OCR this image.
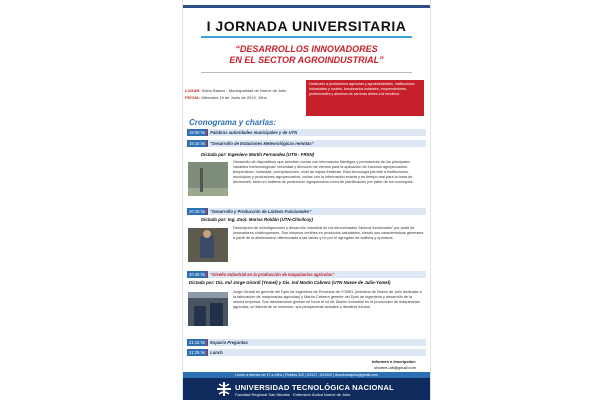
I JORNADA UNIVERSITARIA
“DESARROLLOS INNOVADORES
EN EL SECTOR AGROINDUSTRIAL”
LUGAR: Salón Bianco - Municipalidad de Nueve de Julio
FECHA: Miércoles 19 de Junio de 2019, 19hs
Destinado a productores agrícolas y agroindustriales, instituciones industriales y rurales, funcionarios estatales, emprendedores, profesionales y alumnos de carreras afines a la temática.
Cronograma y charlas:
19:00 hs Palabras autoridades municipales y de UTN
19:15 hs “Desarrollo de Estaciones Meteorológicas remotas”
Dictada por: Ingeniero Martín Fernandez (UTN - FRSN)
Desarrollo de dispositivos que permiten contar con información fidedigna y permanente de los principales variables meteorológicas: velocidad y dirección de vientos para la aplicación de insumos agropecuarios, temperatura, humedad, precipitaciones, nivel de napas freáticas. Esta tecnología permite a instituciones, municipios y productores agropecuarios, contar con la información exacta y en tiempo real para la toma de decisiones, tanto en materia de producción agropecuaria como de planificación por parte de los municipios.
20:15 hs “Desarrollo y Producción de Lácteos Funcionales”
Dictada por: Ing. Zoot. Marisa Roldán (UTN-Chivilcoy)
Descripción de investigaciones y desarrollo industrial de los denominados “lácteos funcionales” por parte de innovadores chivilcoyenses. Son insumos creíbles en productos saludables, siendo sus características generales a partir de la alimentación diferenciada a las vacas y no por el agregado de aditivos y químicos.
20:45 hs “Diseño Industrial en la producción de maquinarias agrícolas”
Dictada por: Dis. Ind Jorge Girardi (Yomel) y Dis. Ind Martín Cabrera (UTN Nueve de Julio-Yomel)
Jorge Girardi es gerente del Dpto de Ingeniería de Procesos de YOMEL (industria de Nueve de Julio dedicada a la fabricación de maquinarias agrícolas) y Martín Cabrera gerente del Dpto de Ingeniería y desarrollo de la misma empresa. Sus disertaciones giraran en torno al rol de Diseño Industrial en la producción de maquinarias agrícolas, la historia de su inserción, sus perspectivas actuales y desafíos futuros.
21:15 hs Espacio Preguntas
21:25 hs Lunch
Informes e inscripción:
dnueve.udi@gmail.com
Lunes a viernes de 17 a 19hs | Roblios 322 | 02317 - 611002 | dnuvioobajulio@gmail.com
UNIVERSIDAD TECNOLÓGICA NACIONAL
Facultad Regional San Nicolás · Extensión Áulica Nueve de Julio
